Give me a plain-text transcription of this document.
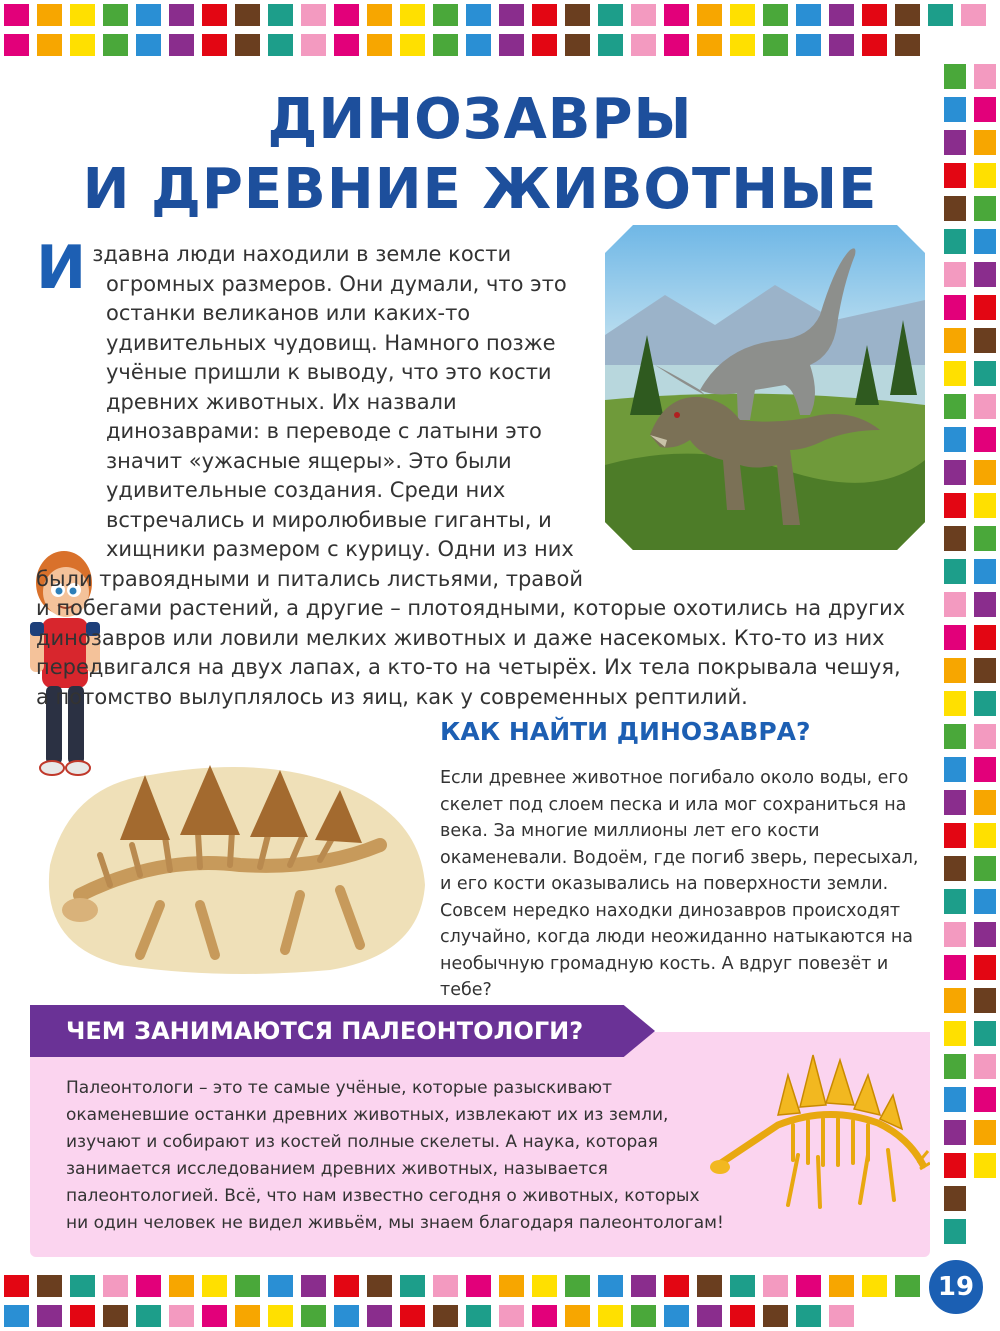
ДИНОЗАВРЫ
И ДРЕВНИЕ ЖИВОТНЫЕ
И здавна люди находили в земле кости огромных размеров. Они думали, что это останки великанов или каких-то удивительных чудовищ. Намного позже учёные пришли к выводу, что это кости древних животных. Их назвали динозаврами: в переводе с латыни это значит «ужасные ящеры». Это были удивительные создания. Среди них встречались и миролюбивые гиганты, и хищники размером с курицу. Одни из них были травоядными и питались листьями, травой и побегами растений, а другие – плотоядными, которые охотились на других динозавров или ловили мелких животных и даже насекомых. Кто-то из них передвигался на двух лапах, а кто-то на четырёх. Их тела покрывала чешуя, а потомство вылуплялось из яиц, как у современных рептилий.
КАК НАЙТИ ДИНОЗАВРА?

Если древнее животное погибало около воды, его скелет под слоем песка и ила мог сохраниться на века. За многие миллионы лет его кости окаменевали. Водоём, где погиб зверь, пересыхал, и его кости оказывались на поверхности земли. Совсем нередко находки динозавров происходят случайно, когда люди неожиданно натыкаются на необычную громадную кость. А вдруг повезёт и тебе?

ЧЕМ ЗАНИМАЮТСЯ ПАЛЕОНТОЛОГИ?

Палеонтологи – это те самые учёные, которые разыскивают окаменевшие останки древних животных, извлекают их из земли, изучают и собирают из костей полные скелеты. А наука, которая занимается исследованием древних животных, называется палеонтологией. Всё, что нам известно сегодня о животных, которых ни один человек не видел живьём, мы знаем благодаря палеонтологам!

19
